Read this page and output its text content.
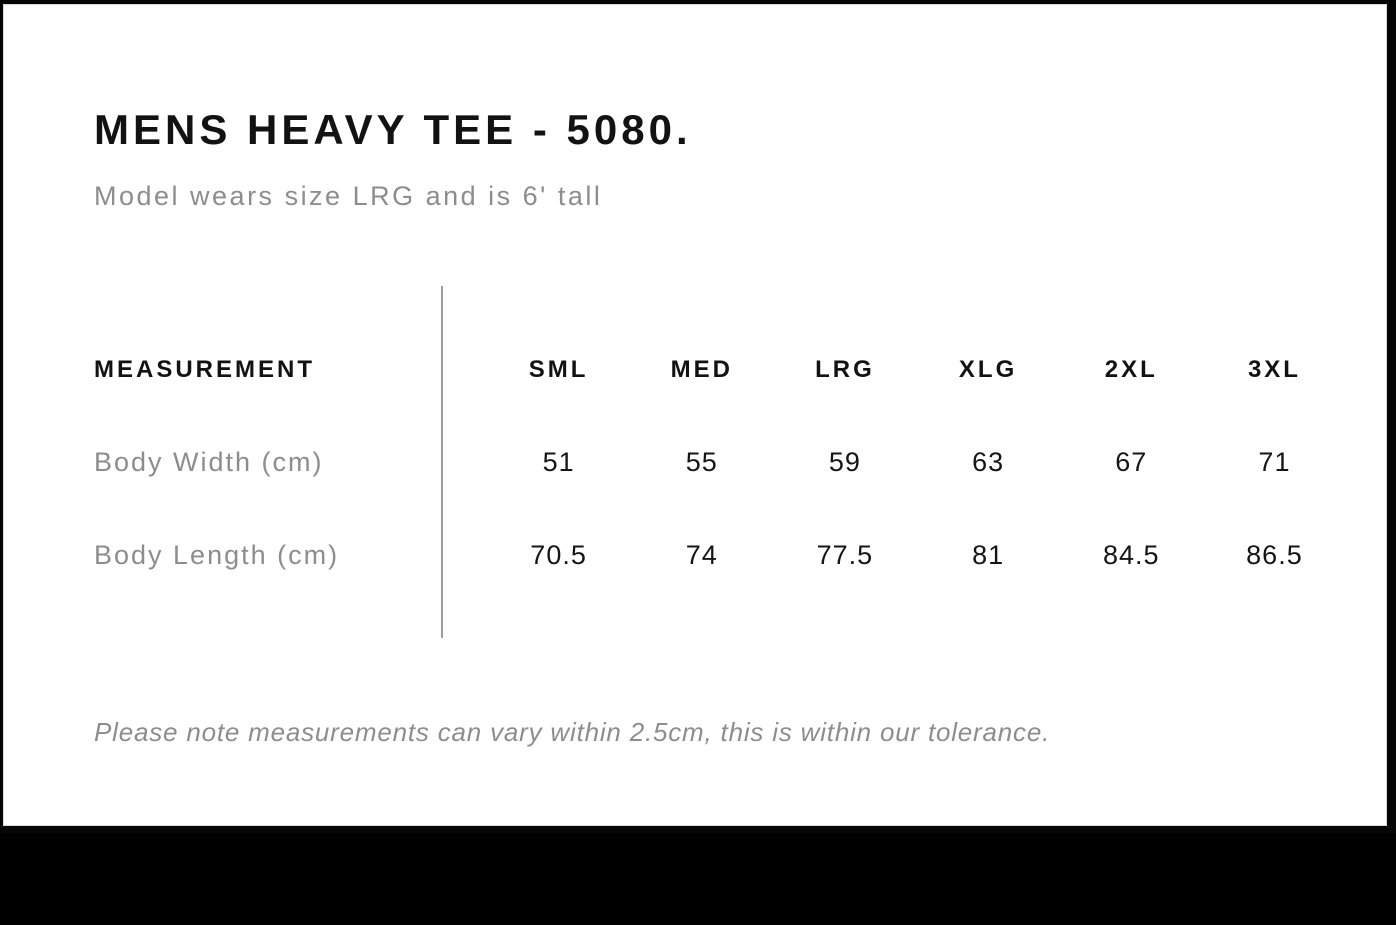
MENS HEAVY TEE - 5080.
Model wears size LRG and is 6' tall
MEASUREMENT	SML	MED	LRG	XLG	2XL	3XL
Body Width (cm)	51	55	59	63	67	71
Body Length (cm)	70.5	74	77.5	81	84.5	86.5
Please note measurements can vary within 2.5cm, this is within our tolerance.
